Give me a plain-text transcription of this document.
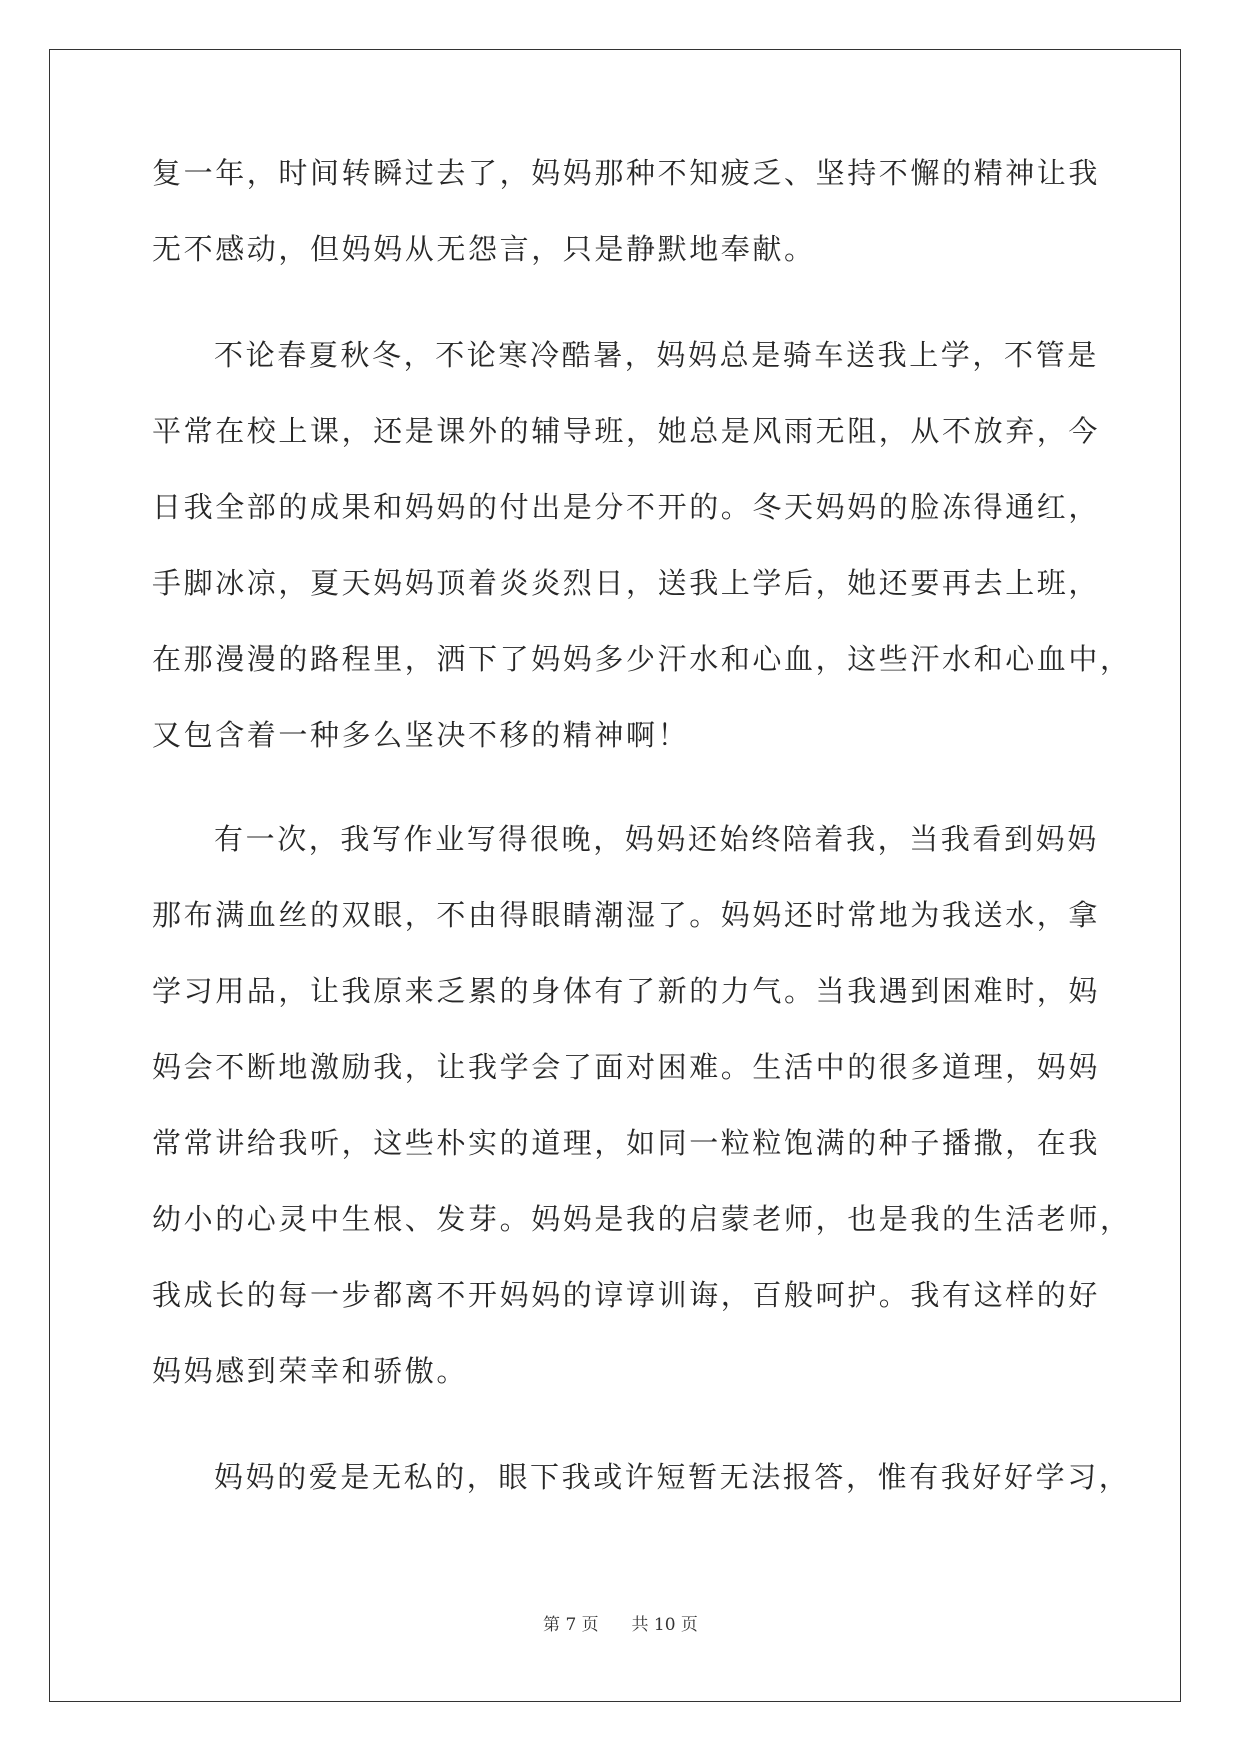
复一年，时间转瞬过去了，妈妈那种不知疲乏、坚持不懈的精神让我
无不感动，但妈妈从无怨言，只是静默地奉献。
不论春夏秋冬，不论寒冷酷暑，妈妈总是骑车送我上学，不管是
平常在校上课，还是课外的辅导班，她总是风雨无阻，从不放弃，今
日我全部的成果和妈妈的付出是分不开的。冬天妈妈的脸冻得通红，
手脚冰凉，夏天妈妈顶着炎炎烈日，送我上学后，她还要再去上班，
在那漫漫的路程里，洒下了妈妈多少汗水和心血，这些汗水和心血中，
又包含着一种多么坚决不移的精神啊！
有一次，我写作业写得很晚，妈妈还始终陪着我，当我看到妈妈
那布满血丝的双眼，不由得眼睛潮湿了。妈妈还时常地为我送水，拿
学习用品，让我原来乏累的身体有了新的力气。当我遇到困难时，妈
妈会不断地激励我，让我学会了面对困难。生活中的很多道理，妈妈
常常讲给我听，这些朴实的道理，如同一粒粒饱满的种子播撒，在我
幼小的心灵中生根、发芽。妈妈是我的启蒙老师，也是我的生活老师，
我成长的每一步都离不开妈妈的谆谆训诲，百般呵护。我有这样的好
妈妈感到荣幸和骄傲。
妈妈的爱是无私的，眼下我或许短暂无法报答，惟有我好好学习，
第 7 页 共 10 页
